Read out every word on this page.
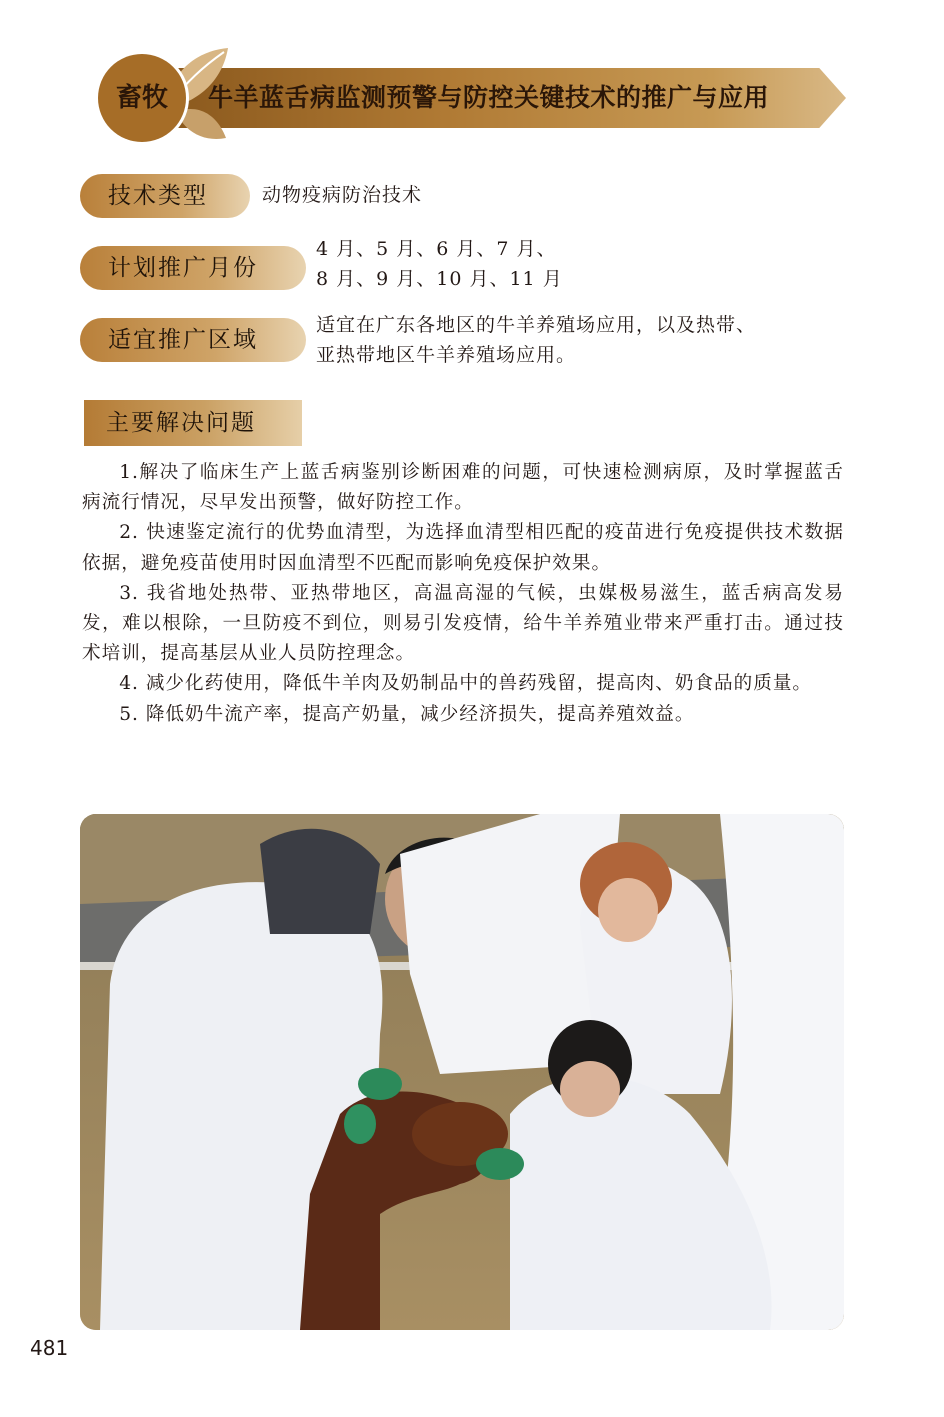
牛羊蓝舌病监测预警与防控关键技术的推广与应用
畜牧
技术类型	动物疫病防治技术
计划推广月份
4 月、5 月、6 月、7 月、
8 月、9 月、10 月、11 月
适宜推广区域
适宜在广东各地区的牛羊养殖场应用，以及热带、
亚热带地区牛羊养殖场应用。
主要解决问题

1.解决了临床生产上蓝舌病鉴别诊断困难的问题，可快速检测病原，及时掌握蓝舌病流行情况，尽早发出预警，做好防控工作。

2. 快速鉴定流行的优势血清型，为选择血清型相匹配的疫苗进行免疫提供技术数据依据，避免疫苗使用时因血清型不匹配而影响免疫保护效果。

3. 我省地处热带、亚热带地区，高温高湿的气候，虫媒极易滋生，蓝舌病高发易发，难以根除，一旦防疫不到位，则易引发疫情，给牛羊养殖业带来严重打击。通过技术培训，提高基层从业人员防控理念。

4. 减少化药使用，降低牛羊肉及奶制品中的兽药残留，提高肉、奶食品的质量。

5. 降低奶牛流产率，提高产奶量，减少经济损失，提高养殖效益。

481
